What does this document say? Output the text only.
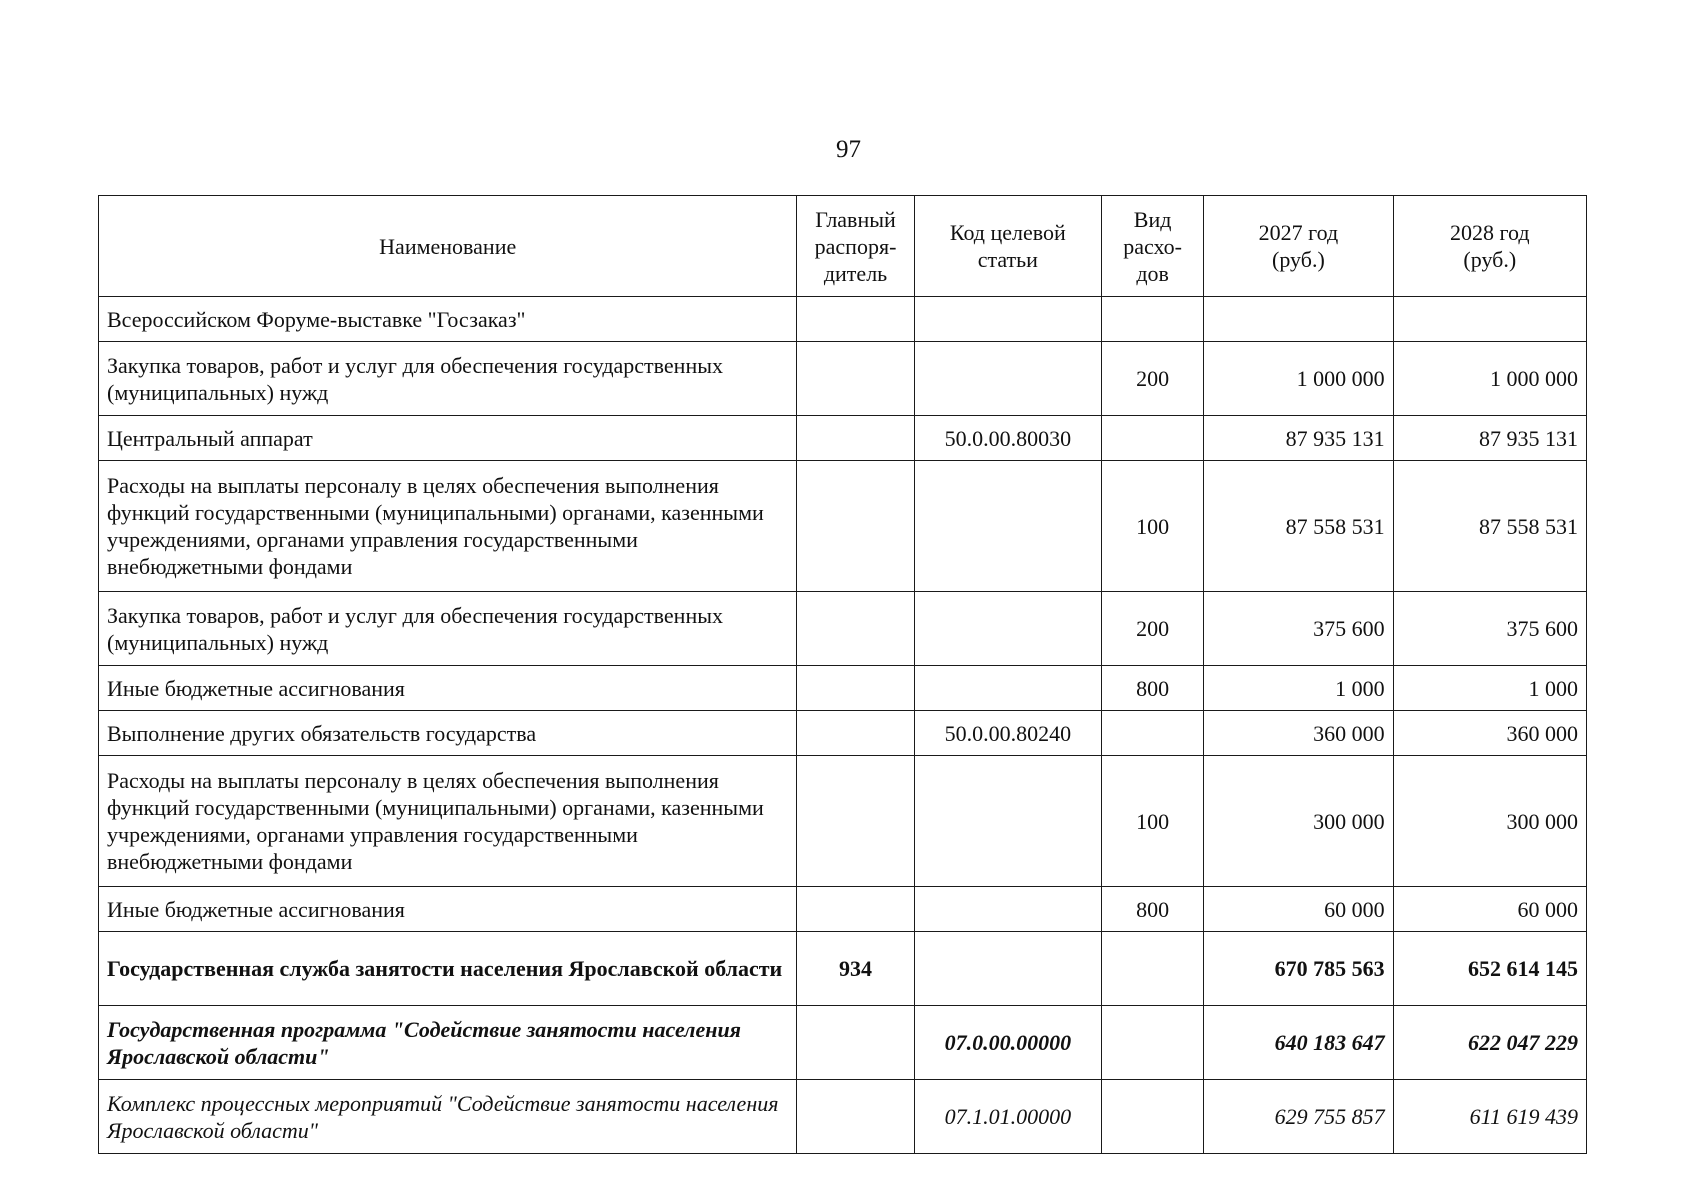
97
Наименование	Главный распоря-дитель	Код целевой статьи	Вид расхо-дов	2027 год (руб.)	2028 год (руб.)
Всероссийском Форуме-выставке "Госзаказ"					
Закупка товаров, работ и услуг для обеспечения государственных (муниципальных) нужд			200	1 000 000	1 000 000
Центральный аппарат		50.0.00.80030		87 935 131	87 935 131
Расходы на выплаты персоналу в целях обеспечения выполнения функций государственными (муниципальными) органами, казенными учреждениями, органами управления государственными внебюджетными фондами			100	87 558 531	87 558 531
Закупка товаров, работ и услуг для обеспечения государственных (муниципальных) нужд			200	375 600	375 600
Иные бюджетные ассигнования			800	1 000	1 000
Выполнение других обязательств государства		50.0.00.80240		360 000	360 000
Расходы на выплаты персоналу в целях обеспечения выполнения функций государственными (муниципальными) органами, казенными учреждениями, органами управления государственными внебюджетными фондами			100	300 000	300 000
Иные бюджетные ассигнования			800	60 000	60 000
Государственная служба занятости населения Ярославской области	934			670 785 563	652 614 145
Государственная программа "Содействие занятости населения Ярославской области"		07.0.00.00000		640 183 647	622 047 229
Комплекс процессных мероприятий "Содействие занятости населения Ярославской области"		07.1.01.00000		629 755 857	611 619 439
